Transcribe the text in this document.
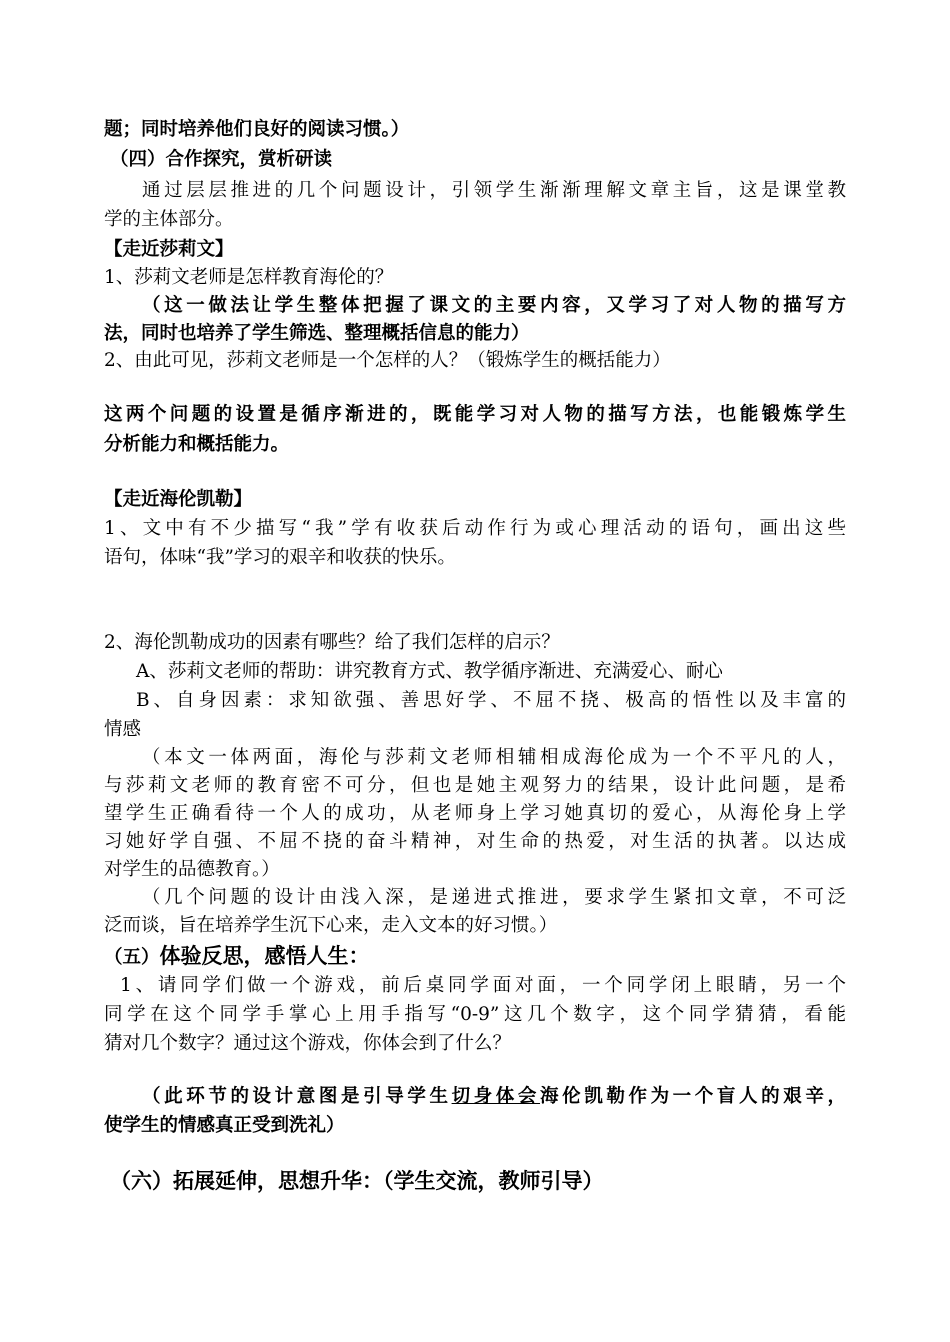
题；同时培养他们良好的阅读习惯。）
（四）合作探究，赏析研读
通过层层推进的几个问题设计，引领学生渐渐理解文章主旨，这是课堂教
学的主体部分。
【走近莎莉文】
1、莎莉文老师是怎样教育海伦的？
（这一做法让学生整体把握了课文的主要内容，又学习了对人物的描写方
法，同时也培养了学生筛选、整理概括信息的能力）
2、由此可见，莎莉文老师是一个怎样的人？（锻炼学生的概括能力）
这两个问题的设置是循序渐进的，既能学习对人物的描写方法，也能锻炼学生
分析能力和概括能力。
【走近海伦凯勒】
1、文中有不少描写“我”学有收获后动作行为或心理活动的语句，画出这些
语句，体味“我”学习的艰辛和收获的快乐。
2、海伦凯勒成功的因素有哪些？给了我们怎样的启示？
A、莎莉文老师的帮助：讲究教育方式、教学循序渐进、充满爱心、耐心
B、自身因素：求知欲强、善思好学、不屈不挠、极高的悟性以及丰富的
情感
（本文一体两面，海伦与莎莉文老师相辅相成海伦成为一个不平凡的人，
与莎莉文老师的教育密不可分，但也是她主观努力的结果，设计此问题，是希
望学生正确看待一个人的成功，从老师身上学习她真切的爱心，从海伦身上学
习她好学自强、不屈不挠的奋斗精神，对生命的热爱，对生活的执著。以达成
对学生的品德教育。）
（几个问题的设计由浅入深，是递进式推进，要求学生紧扣文章，不可泛
泛而谈，旨在培养学生沉下心来，走入文本的好习惯。）
（五）体验反思，感悟人生：
1、请同学们做一个游戏，前后桌同学面对面，一个同学闭上眼睛，另一个
同学在这个同学手掌心上用手指写“0-9”这几个数字，这个同学猜猜，看能
猜对几个数字？通过这个游戏，你体会到了什么？
（此环节的设计意图是引导学生切身体会海伦凯勒作为一个盲人的艰辛，
使学生的情感真正受到洗礼）
（六）拓展延伸，思想升华：（学生交流，教师引导）
